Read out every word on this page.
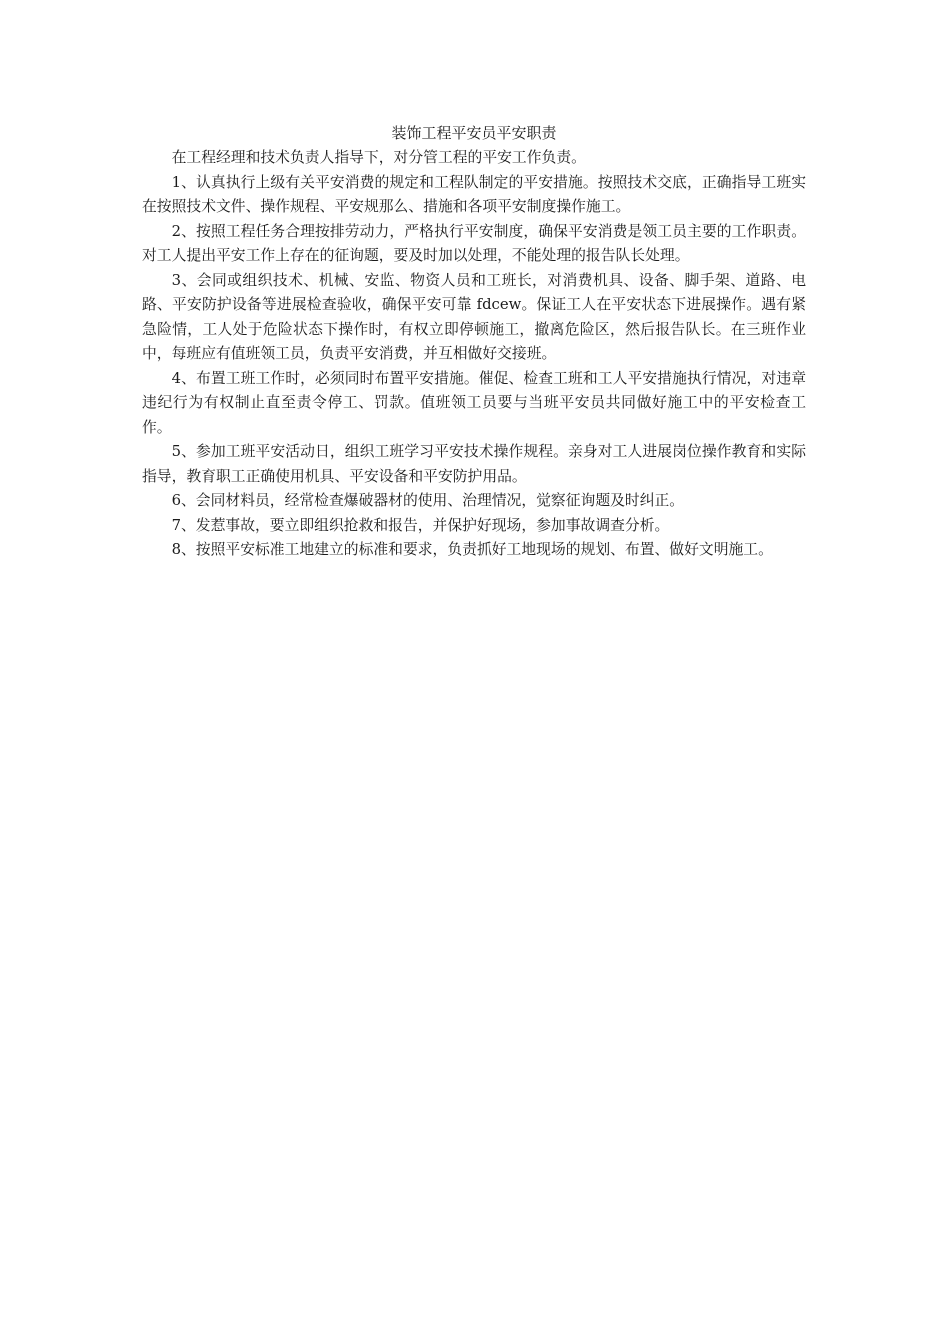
装饰工程平安员平安职责

在工程经理和技术负责人指导下，对分管工程的平安工作负责。

1、认真执行上级有关平安消费的规定和工程队制定的平安措施。按照技术交底，正确指导工班实在按照技术文件、操作规程、平安规那么、措施和各项平安制度操作施工。

2、按照工程任务合理按排劳动力，严格执行平安制度，确保平安消费是领工员主要的工作职责。对工人提出平安工作上存在的征询题，要及时加以处理，不能处理的报告队长处理。

3、会同或组织技术、机械、安监、物资人员和工班长，对消费机具、设备、脚手架、道路、电路、平安防护设备等进展检查验收，确保平安可靠 fdcew。保证工人在平安状态下进展操作。遇有紧急险情，工人处于危险状态下操作时，有权立即停顿施工，撤离危险区，然后报告队长。在三班作业中，每班应有值班领工员，负责平安消费，并互相做好交接班。

4、布置工班工作时，必须同时布置平安措施。催促、检查工班和工人平安措施执行情况，对违章违纪行为有权制止直至责令停工、罚款。值班领工员要与当班平安员共同做好施工中的平安检查工作。

5、参加工班平安活动日，组织工班学习平安技术操作规程。亲身对工人进展岗位操作教育和实际指导，教育职工正确使用机具、平安设备和平安防护用品。

6、会同材料员，经常检查爆破器材的使用、治理情况，觉察征询题及时纠正。

7、发惹事故，要立即组织抢救和报告，并保护好现场，参加事故调查分析。

8、按照平安标准工地建立的标准和要求，负责抓好工地现场的规划、布置、做好文明施工。
